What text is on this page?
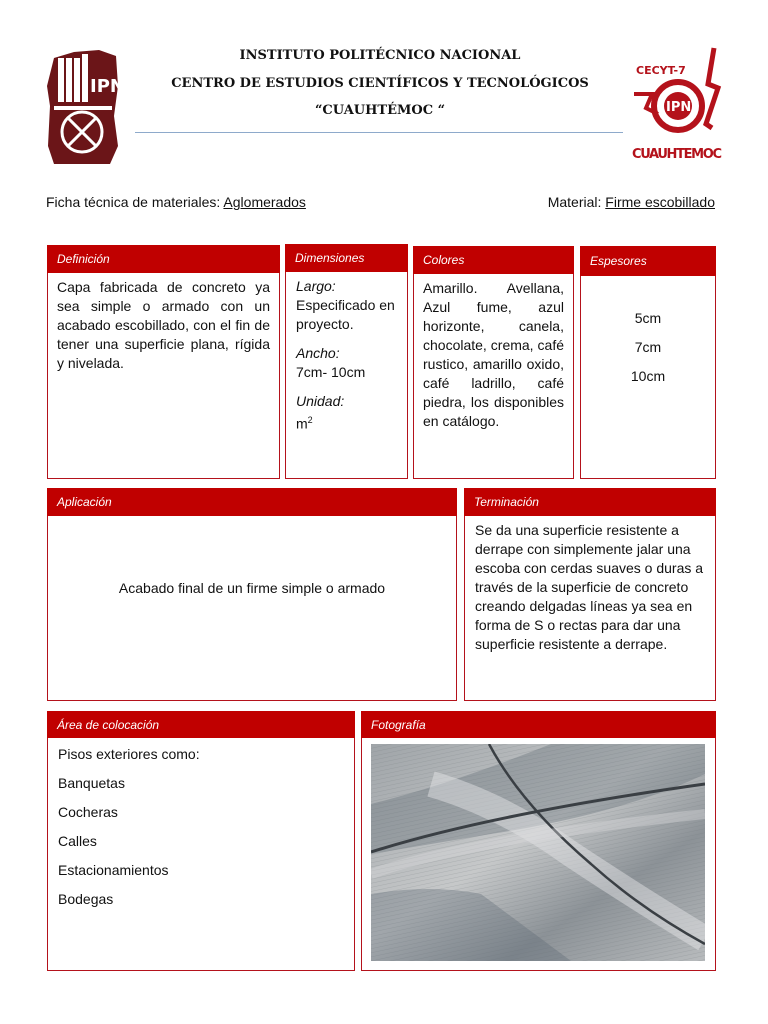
IPN
INSTITUTO POLITÉCNICO NACIONAL
CENTRO DE ESTUDIOS CIENTÍFICOS Y TECNOLÓGICOS
“CUAUHTÉMOC “
CECYT-7
IPN
CUAUHTEMOC
Ficha técnica de materiales: Aglomerados	Material: Firme escobillado
Definición
Capa fabricada de concreto ya sea simple o armado con un acabado escobillado, con el fin de tener una superficie plana, rígida y nivelada.
Dimensiones
Largo:
Especificado en proyecto.
Ancho:
7cm- 10cm
Unidad:
$m^2$
Colores
Amarillo. Avellana, Azul fume, azul horizonte, canela, chocolate, crema, café rustico, amarillo oxido, café ladrillo, café piedra, los disponibles en catálogo.
Espesores
5cm
7cm
10cm
Aplicación
Acabado final de un firme simple o armado
Terminación
Se da una superficie resistente a derrape con simplemente jalar una escoba con cerdas suaves o duras a través de la superficie de concreto creando delgadas líneas ya sea en forma de S o rectas para dar una superficie resistente a derrape.
Área de colocación
Pisos exteriores como:
Banquetas
Cocheras
Calles
Estacionamientos
Bodegas
Fotografía
